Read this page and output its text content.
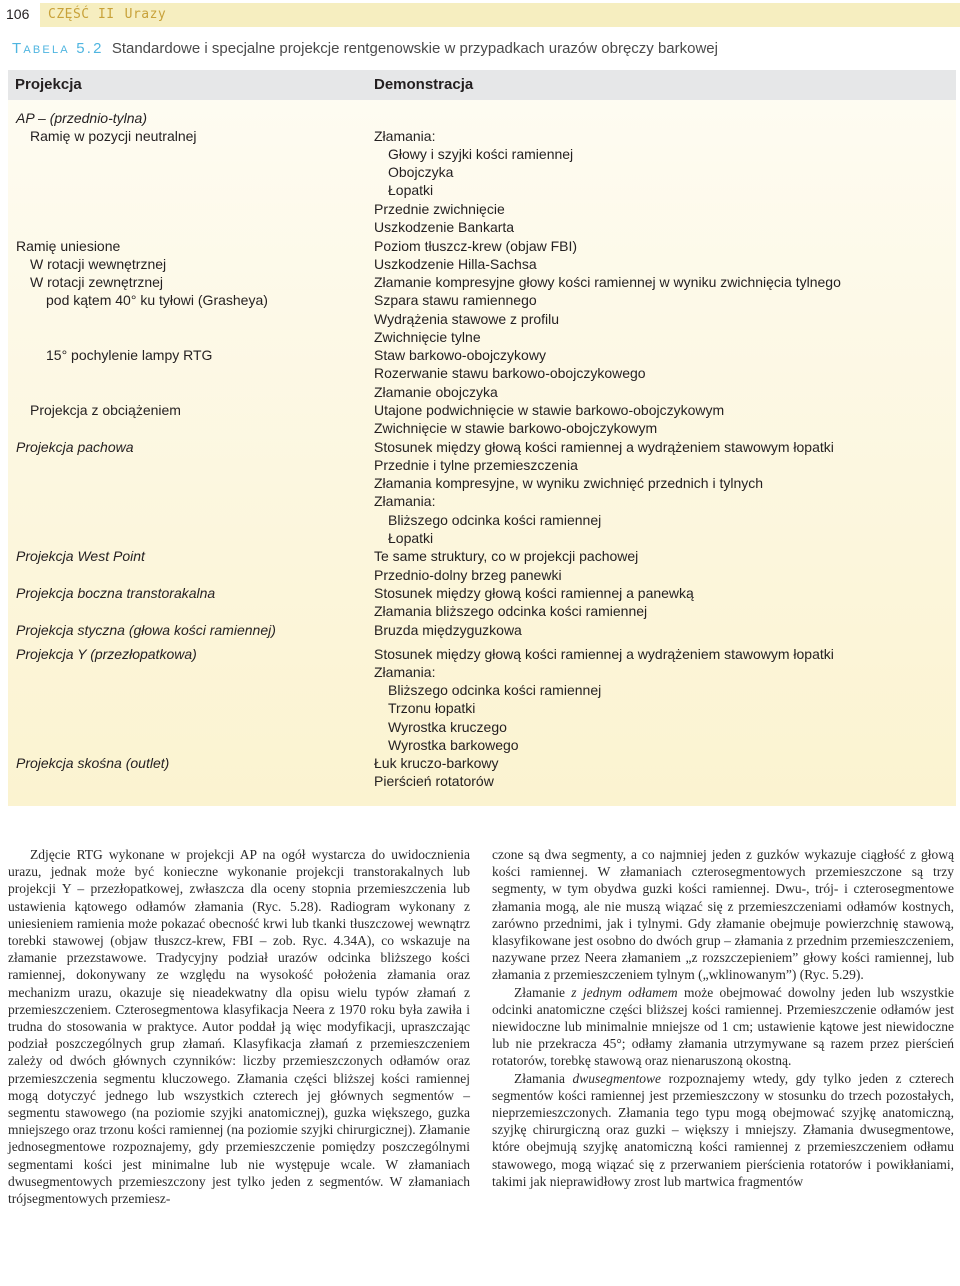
106 CZĘŚĆ II Urazy
Tabela 5.2 Standardowe i specjalne projekcje rentgenowskie w przypadkach urazów obręczy barkowej
Projekcja	Demonstracja
AP – (przednio-tylna)
Ramię w pozycji neutralnej
Ramię uniesione
W rotacji wewnętrznej
W rotacji zewnętrznej
pod kątem 40° ku tyłowi (Grasheya)
15° pochylenie lampy RTG
Projekcja z obciążeniem
Projekcja pachowa
Projekcja West Point
Projekcja boczna transtorakalna
Projekcja styczna (głowa kości ramiennej)
Projekcja Y (przezłopatkowa)
Projekcja skośna (outlet)
Złamania:
Głowy i szyjki kości ramiennej
Obojczyka
Łopatki
Przednie zwichnięcie
Uszkodzenie Bankarta
Poziom tłuszcz-krew (objaw FBI)
Uszkodzenie Hilla-Sachsa
Złamanie kompresyjne głowy kości ramiennej w wyniku zwichnięcia tylnego
Szpara stawu ramiennego
Wydrążenia stawowe z profilu
Zwichnięcie tylne
Staw barkowo-obojczykowy
Rozerwanie stawu barkowo-obojczykowego
Złamanie obojczyka
Utajone podwichnięcie w stawie barkowo-obojczykowym
Zwichnięcie w stawie barkowo-obojczykowym
Stosunek między głową kości ramiennej a wydrążeniem stawowym łopatki
Przednie i tylne przemieszczenia
Złamania kompresyjne, w wyniku zwichnięć przednich i tylnych
Złamania:
Bliższego odcinka kości ramiennej
Łopatki
Te same struktury, co w projekcji pachowej
Przednio-dolny brzeg panewki
Stosunek między głową kości ramiennej a panewką
Złamania bliższego odcinka kości ramiennej
Bruzda międzyguzkowa
Stosunek między głową kości ramiennej a wydrążeniem stawowym łopatki
Złamania:
Bliższego odcinka kości ramiennej
Trzonu łopatki
Wyrostka kruczego
Wyrostka barkowego
Łuk kruczo-barkowy
Pierścień rotatorów

Zdjęcie RTG wykonane w projekcji AP na ogół wystarcza do uwidocznienia urazu, jednak może być konieczne wykonanie projekcji transtorakalnych lub projekcji Y – przezłopatkowej, zwłaszcza dla oceny stopnia przemieszczenia lub ustawienia kątowego odłamów złamania (Ryc. 5.28). Radiogram wykonany z uniesieniem ramienia może pokazać obecność krwi lub tkanki tłuszczowej wewnątrz torebki stawowej (objaw tłuszcz-krew, FBI – zob. Ryc. 4.34A), co wskazuje na złamanie przezstawowe. Tradycyjny podział urazów odcinka bliższego kości ramiennej, dokonywany ze względu na wysokość położenia złamania oraz mechanizm urazu, okazuje się nieadekwatny dla opisu wielu typów złamań z przemieszczeniem. Czterosegmentowa klasyfikacja Neera z 1970 roku była zawiła i trudna do stosowania w praktyce. Autor poddał ją więc modyfikacji, upraszczając podział poszczególnych grup złamań. Klasyfikacja złamań z przemieszczeniem zależy od dwóch głównych czynników: liczby przemieszczonych odłamów oraz przemieszczenia segmentu kluczowego. Złamania części bliższej kości ramiennej mogą dotyczyć jednego lub wszystkich czterech jej głównych segmentów – segmentu stawowego (na poziomie szyjki anatomicznej), guzka większego, guzka mniejszego oraz trzonu kości ramiennej (na poziomie szyjki chirurgicznej). Złamanie jednosegmentowe rozpoznajemy, gdy przemieszczenie pomiędzy poszczególnymi segmentami kości jest minimalne lub nie występuje wcale. W złamaniach dwusegmentowych przemieszczony jest tylko jeden z segmentów. W złamaniach trójsegmentowych przemiesz-

czone są dwa segmenty, a co najmniej jeden z guzków wykazuje ciągłość z głową kości ramiennej. W złamaniach czterosegmentowych przemieszczone są trzy segmenty, w tym obydwa guzki kości ramiennej. Dwu-, trój- i czterosegmentowe złamania mogą, ale nie muszą wiązać się z przemieszczeniami odłamów kostnych, zarówno przednimi, jak i tylnymi. Gdy złamanie obejmuje powierzchnię stawową, klasyfikowane jest osobno do dwóch grup – złamania z przednim przemieszczeniem, nazywane przez Neera złamaniem „z rozszczepieniem” głowy kości ramiennej, lub złamania z przemieszczeniem tylnym („wklinowanym”) (Ryc. 5.29).

Złamanie z jednym odłamem może obejmować dowolny jeden lub wszystkie odcinki anatomiczne części bliższej kości ramiennej. Przemieszczenie odłamów jest niewidoczne lub minimalnie mniejsze od 1 cm; ustawienie kątowe jest niewidoczne lub nie przekracza 45°; odłamy złamania utrzymywane są razem przez pierścień rotatorów, torebkę stawową oraz nienaruszoną okostną.

Złamania dwusegmentowe rozpoznajemy wtedy, gdy tylko jeden z czterech segmentów kości ramiennej jest przemieszczony w stosunku do trzech pozostałych, nieprzemieszczonych. Złamania tego typu mogą obejmować szyjkę anatomiczną, szyjkę chirurgiczną oraz guzki – większy i mniejszy. Złamania dwusegmentowe, które obejmują szyjkę anatomiczną kości ramiennej z przemieszczeniem odłamu stawowego, mogą wiązać się z przerwaniem pierścienia rotatorów i powikłaniami, takimi jak nieprawidłowy zrost lub martwica fragmentów
